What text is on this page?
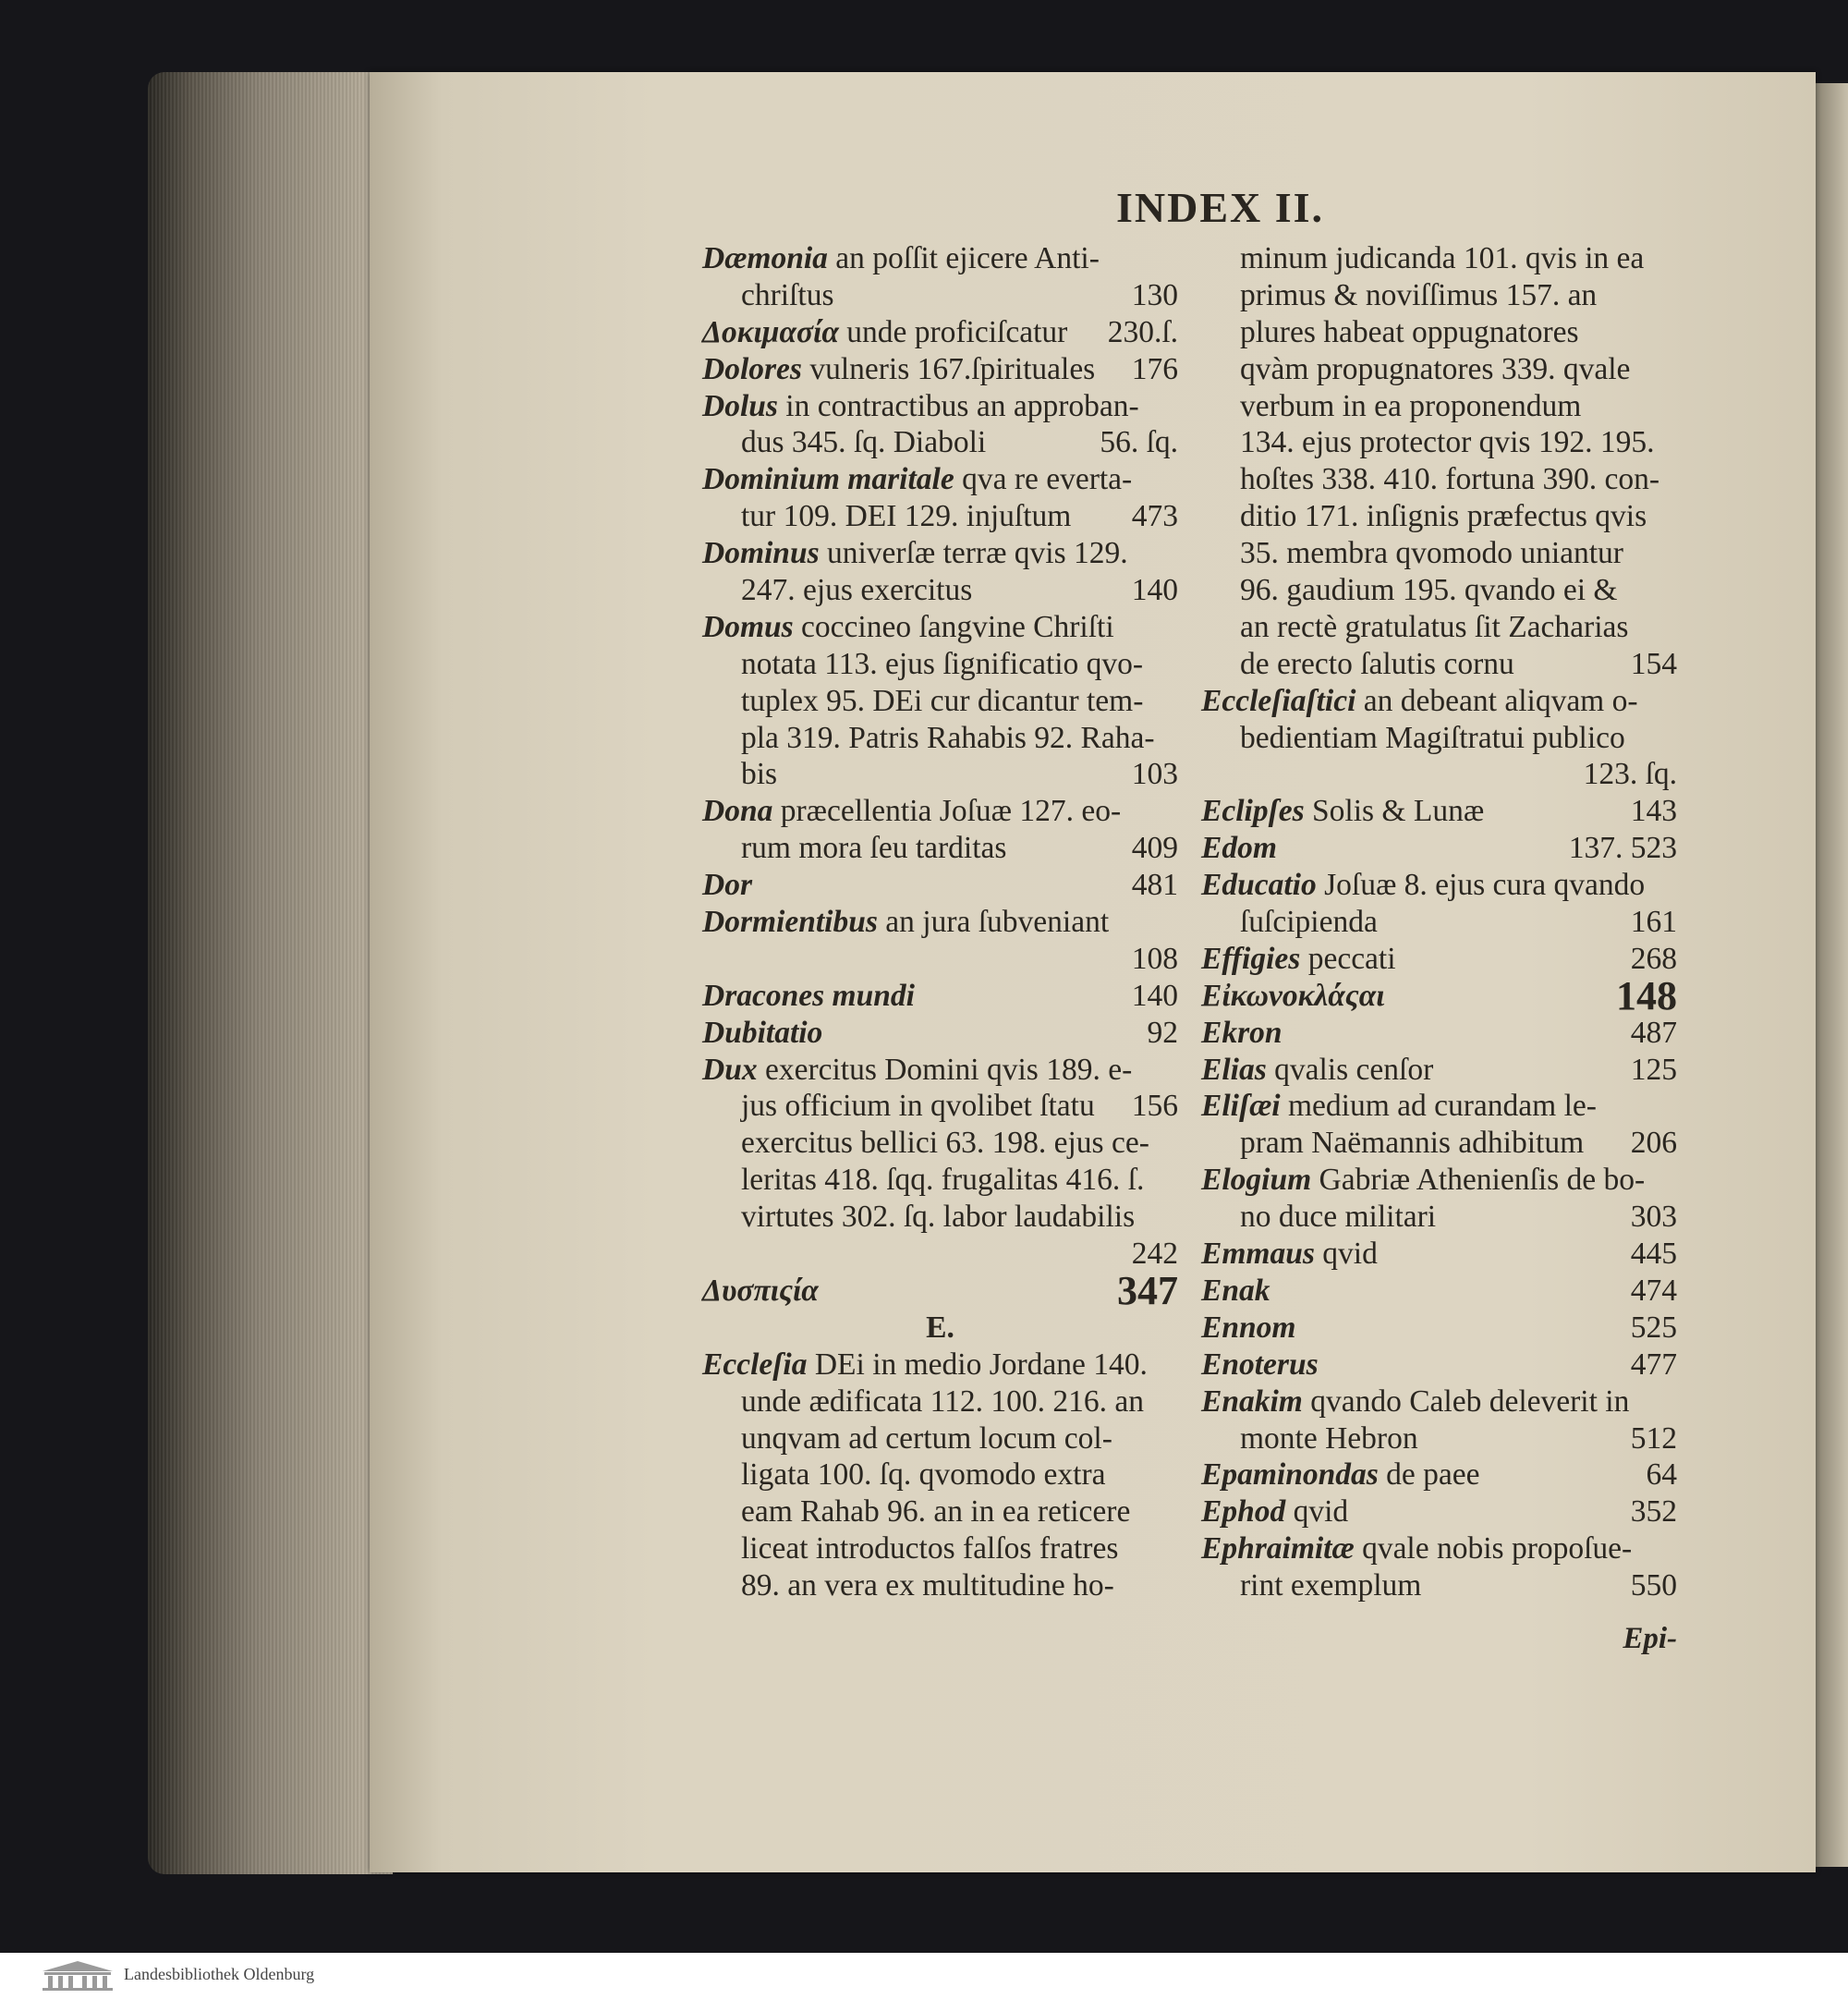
INDEX II.
Dæmonia an poſſit ejicere Anti-
chriſtus	130
Δοκιμασία unde proficiſcatur 230.ſ.
Dolores vulneris 167.ſpirituales 176
Dolus in contractibus an approban-
dus 345. ſq. Diaboli	56. ſq.
Dominium maritale qva re everta-
tur 109. DEI 129. injuſtum 473
Dominus univerſæ terræ qvis 129.
247. ejus exercitus	140
Domus coccineo ſangvine Chriſti
notata 113. ejus ſignificatio qvo-
tuplex 95. DEi cur dicantur tem-
pla 319. Patris Rahabis 92. Raha-
bis	103
Dona præcellentia Joſuæ 127. eo-
rum mora ſeu tarditas	409
Dor	481
Dormientibus an jura ſubveniant
108
Dracones mundi	140
Dubitatio	92
Dux exercitus Domini qvis 189. e-
jus officium in qvolibet ſtatu 156
exercitus bellici 63. 198. ejus ce-
leritas 418. ſqq. frugalitas 416. ſ.
virtutes 302. ſq. labor laudabilis
242
Δυσπιςία	347
E.
Eccleſia DEi in medio Jordane 140.
unde ædificata 112. 100. 216. an
unqvam ad certum locum col-
ligata 100. ſq. qvomodo extra
eam Rahab 96. an in ea reticere
liceat introductos falſos fratres
89. an vera ex multitudine ho-
minum judicanda 101. qvis in ea
primus & noviſſimus 157. an
plures habeat oppugnatores
qvàm propugnatores 339. qvale
verbum in ea proponendum
134. ejus protector qvis 192. 195.
hoſtes 338. 410. fortuna 390. con-
ditio 171. inſignis præfectus qvis
35. membra qvomodo uniantur
96. gaudium 195. qvando ei &
an rectè gratulatus ſit Zacharias
de erecto ſalutis cornu	154
Eccleſiaſtici an debeant aliqvam o-
bedientiam Magiſtratui publico
123. ſq.
Eclipſes Solis & Lunæ	143
Edom	137. 523
Educatio Joſuæ 8. ejus cura qvando
ſuſcipienda	161
Effigies peccati	268
Εἰκωνοκλάςαι	148
Ekron	487
Elias qvalis cenſor	125
Eliſæi medium ad curandam le-
pram Naëmannis adhibitum 206
Elogium Gabriæ Athenienſis de bo-
no duce militari	303
Emmaus qvid	445
Enak	474
Ennom	525
Enoterus	477
Enakim qvando Caleb deleverit in
monte Hebron	512
Epaminondas de paee	64
Ephod qvid	352
Ephraimitæ qvale nobis propoſue-
rint exemplum	550
Epi-
Landesbibliothek Oldenburg
